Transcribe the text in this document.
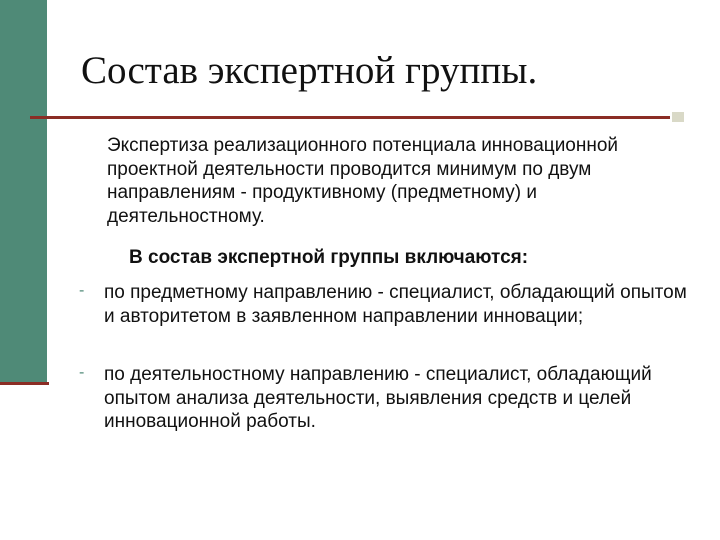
Состав экспертной группы.

Экспертиза реализационного потенциала инновационной проектной деятельности проводится минимум по двум направлениям - продуктивному (предметному) и деятельностному.

В состав экспертной группы включаются:

- по предметному направлению - специалист, обладающий опытом и авторитетом в заявленном направлении инновации;

- по деятельностному направлению - специалист, обладающий опытом анализа деятельности, выявления средств и целей инновационной работы.
